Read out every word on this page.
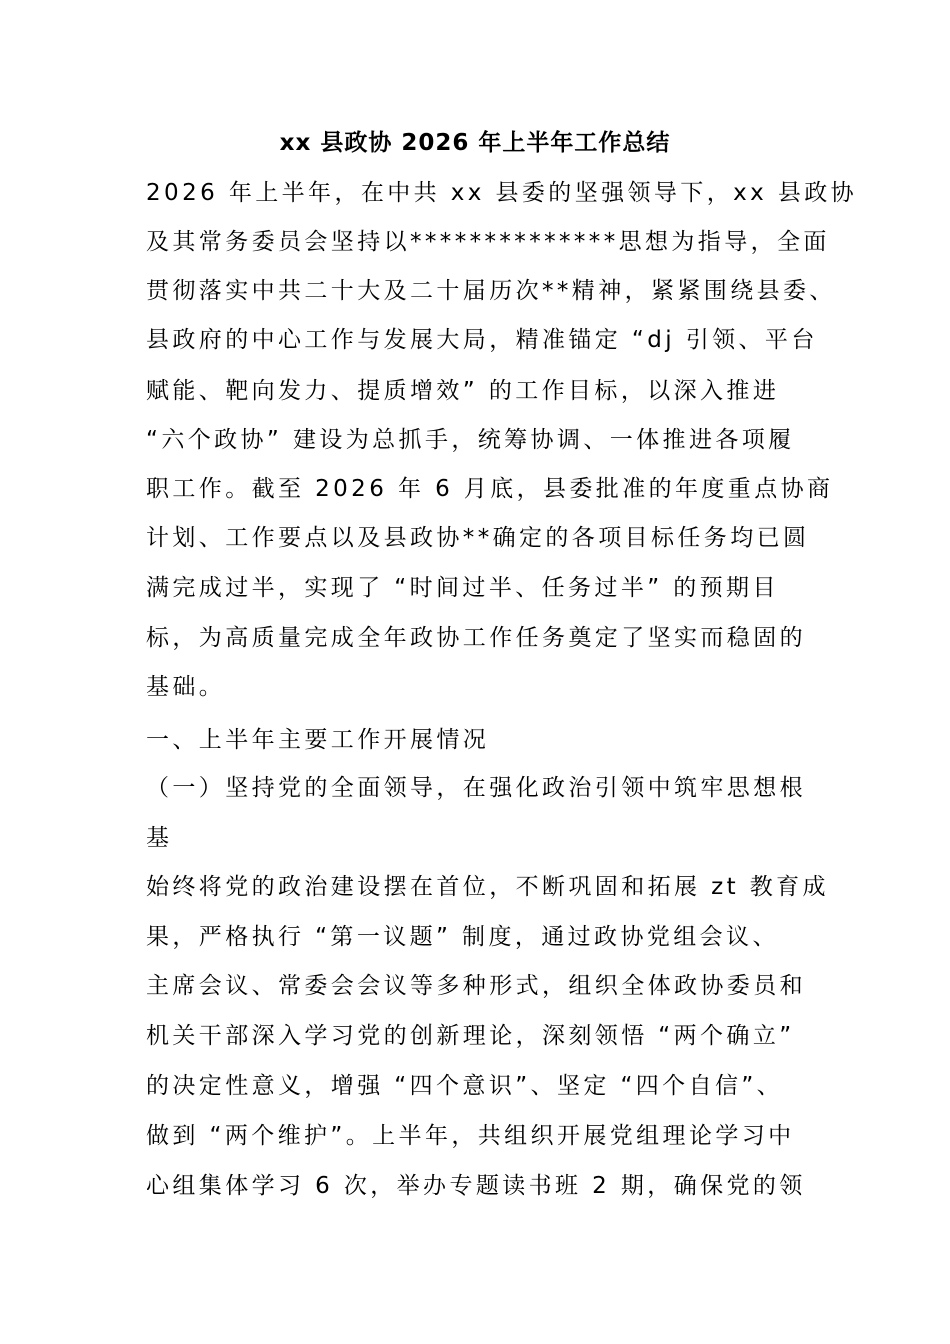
xx 县政协 2026 年上半年工作总结
2026 年上半年，在中共 xx 县委的坚强领导下，xx 县政协
及其常务委员会坚持以**************思想为指导，全面
贯彻落实中共二十大及二十届历次**精神，紧紧围绕县委、
县政府的中心工作与发展大局，精准锚定 “dj 引领、平台
赋能、靶向发力、提质增效” 的工作目标，以深入推进
“六个政协” 建设为总抓手，统筹协调、一体推进各项履
职工作。截至 2026 年 6 月底，县委批准的年度重点协商
计划、工作要点以及县政协**确定的各项目标任务均已圆
满完成过半，实现了 “时间过半、任务过半” 的预期目
标，为高质量完成全年政协工作任务奠定了坚实而稳固的
基础。
一、上半年主要工作开展情况
（一）坚持党的全面领导，在强化政治引领中筑牢思想根
基
始终将党的政治建设摆在首位，不断巩固和拓展 zt 教育成
果，严格执行 “第一议题” 制度，通过政协党组会议、
主席会议、常委会会议等多种形式，组织全体政协委员和
机关干部深入学习党的创新理论，深刻领悟 “两个确立”
的决定性意义，增强 “四个意识”、坚定 “四个自信”、
做到 “两个维护”。上半年，共组织开展党组理论学习中
心组集体学习 6 次，举办专题读书班 2 期，确保党的领
